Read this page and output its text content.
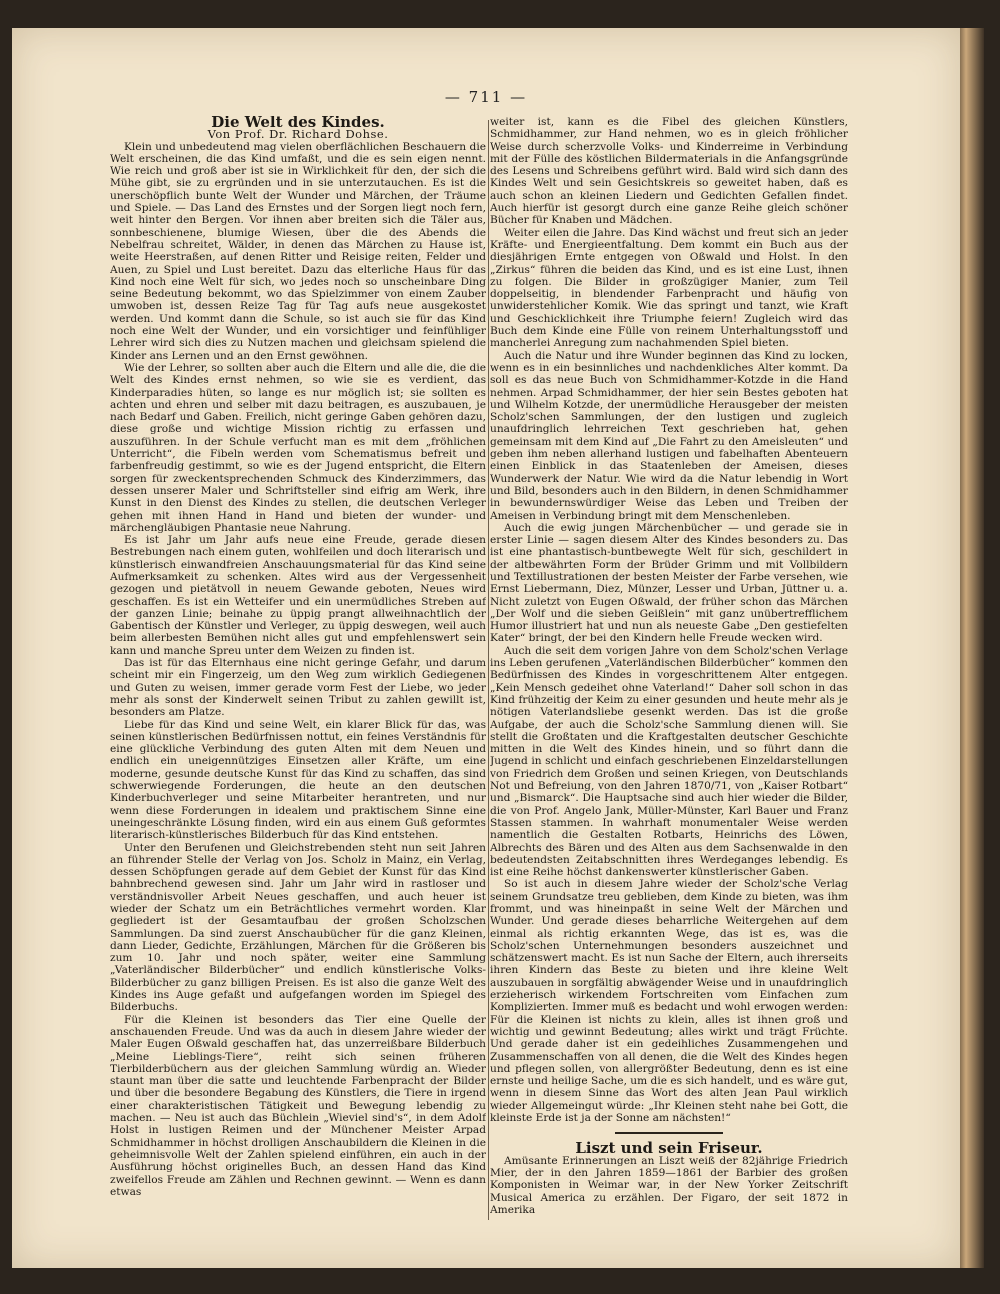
— 711 —

Die Welt des Kindes.

Von Prof. Dr. Richard Dohse.

Klein und unbedeutend mag vielen oberflächlichen Beschauern die Welt erscheinen, die das Kind umfaßt, und die es sein eigen nennt. Wie reich und groß aber ist sie in Wirklichkeit für den, der sich die Mühe gibt, sie zu ergründen und in sie unterzutauchen. Es ist die unerschöpflich bunte Welt der Wunder und Märchen, der Träume und Spiele. — Das Land des Ernstes und der Sorgen liegt noch fern, weit hinter den Bergen. Vor ihnen aber breiten sich die Täler aus, sonnbeschienene, blumige Wiesen, über die des Abends die Nebelfrau schreitet, Wälder, in denen das Märchen zu Hause ist, weite Heerstraßen, auf denen Ritter und Reisige reiten, Felder und Auen, zu Spiel und Lust bereitet. Dazu das elterliche Haus für das Kind noch eine Welt für sich, wo jedes noch so unscheinbare Ding seine Bedeutung bekommt, wo das Spielzimmer von einem Zauber umwoben ist, dessen Reize Tag für Tag aufs neue ausgekostet werden. Und kommt dann die Schule, so ist auch sie für das Kind noch eine Welt der Wunder, und ein vorsichtiger und feinfühliger Lehrer wird sich dies zu Nutzen machen und gleichsam spielend die Kinder ans Lernen und an den Ernst gewöhnen.

Wie der Lehrer, so sollten aber auch die Eltern und alle die, die die Welt des Kindes ernst nehmen, so wie sie es verdient, das Kinderparadies hüten, so lange es nur möglich ist; sie sollten es achten und ehren und selber mit dazu beitragen, es auszubauen, je nach Bedarf und Gaben. Freilich, nicht geringe Gaben gehören dazu, diese große und wichtige Mission richtig zu erfassen und auszuführen. In der Schule verfucht man es mit dem „fröhlichen Unterricht“, die Fibeln werden vom Schematismus befreit und farbenfreudig gestimmt, so wie es der Jugend entspricht, die Eltern sorgen für zweckentsprechenden Schmuck des Kinderzimmers, das dessen unserer Maler und Schriftsteller sind eifrig am Werk, ihre Kunst in den Dienst des Kindes zu stellen, die deutschen Verleger gehen mit ihnen Hand in Hand und bieten der wunder- und märchengläubigen Phantasie neue Nahrung.

Es ist Jahr um Jahr aufs neue eine Freude, gerade diesen Bestrebungen nach einem guten, wohlfeilen und doch literarisch und künstlerisch einwandfreien Anschauungsmaterial für das Kind seine Aufmerksamkeit zu schenken. Altes wird aus der Vergessenheit gezogen und pietätvoll in neuem Gewande geboten, Neues wird geschaffen. Es ist ein Wetteifer und ein unermüdliches Streben auf der ganzen Linie; beinahe zu üppig prangt allweihnachtlich der Gabentisch der Künstler und Verleger, zu üppig deswegen, weil auch beim allerbesten Bemühen nicht alles gut und empfehlenswert sein kann und manche Spreu unter dem Weizen zu finden ist.

Das ist für das Elternhaus eine nicht geringe Gefahr, und darum scheint mir ein Fingerzeig, um den Weg zum wirklich Gediegenen und Guten zu weisen, immer gerade vorm Fest der Liebe, wo jeder mehr als sonst der Kinderwelt seinen Tribut zu zahlen gewillt ist, besonders am Platze.

Liebe für das Kind und seine Welt, ein klarer Blick für das, was seinen künstlerischen Bedürfnissen nottut, ein feines Verständnis für eine glückliche Verbindung des guten Alten mit dem Neuen und endlich ein uneigennütziges Einsetzen aller Kräfte, um eine moderne, gesunde deutsche Kunst für das Kind zu schaffen, das sind schwerwiegende Forderungen, die heute an den deutschen Kinderbuchverleger und seine Mitarbeiter herantreten, und nur wenn diese Forderungen in idealem und praktischem Sinne eine uneingeschränkte Lösung finden, wird ein aus einem Guß geformtes literarisch-künstlerisches Bilderbuch für das Kind entstehen.

Unter den Berufenen und Gleichstrebenden steht nun seit Jahren an führender Stelle der Verlag von Jos. Scholz in Mainz, ein Verlag, dessen Schöpfungen gerade auf dem Gebiet der Kunst für das Kind bahnbrechend gewesen sind. Jahr um Jahr wird in rastloser und verständnisvoller Arbeit Neues geschaffen, und auch heuer ist wieder der Schatz um ein Beträchtliches vermehrt worden. Klar gegliedert ist der Gesamtaufbau der großen Scholzschen Sammlungen. Da sind zuerst Anschaubücher für die ganz Kleinen, dann Lieder, Gedichte, Erzählungen, Märchen für die Größeren bis zum 10. Jahr und noch später, weiter eine Sammlung „Vaterländischer Bilderbücher“ und endlich künstlerische Volks-Bilderbücher zu ganz billigen Preisen. Es ist also die ganze Welt des Kindes ins Auge gefaßt und aufgefangen worden im Spiegel des Bilderbuchs.

Für die Kleinen ist besonders das Tier eine Quelle der anschauenden Freude. Und was da auch in diesem Jahre wieder der Maler Eugen Oßwald geschaffen hat, das unzerreißbare Bilderbuch „Meine Lieblings-Tiere“, reiht sich seinen früheren Tierbilderbüchern aus der gleichen Sammlung würdig an. Wieder staunt man über die satte und leuchtende Farbenpracht der Bilder und über die besondere Begabung des Künstlers, die Tiere in irgend einer charakteristischen Tätigkeit und Bewegung lebendig zu machen. — Neu ist auch das Büchlein „Wieviel sind's“, in dem Adolf Holst in lustigen Reimen und der Münchener Meister Arpad Schmidhammer in höchst drolligen Anschaubildern die Kleinen in die geheimnisvolle Welt der Zahlen spielend einführen, ein auch in der Ausführung höchst originelles Buch, an dessen Hand das Kind zweifellos Freude am Zählen und Rechnen gewinnt. — Wenn es dann etwas

weiter ist, kann es die Fibel des gleichen Künstlers, Schmidhammer, zur Hand nehmen, wo es in gleich fröhlicher Weise durch scherzvolle Volks- und Kinderreime in Verbindung mit der Fülle des köstlichen Bildermaterials in die Anfangsgründe des Lesens und Schreibens geführt wird. Bald wird sich dann des Kindes Welt und sein Gesichtskreis so geweitet haben, daß es auch schon an kleinen Liedern und Gedichten Gefallen findet. Auch hierfür ist gesorgt durch eine ganze Reihe gleich schöner Bücher für Knaben und Mädchen.

Weiter eilen die Jahre. Das Kind wächst und freut sich an jeder Kräfte- und Energieentfaltung. Dem kommt ein Buch aus der diesjährigen Ernte entgegen von Oßwald und Holst. In den „Zirkus“ führen die beiden das Kind, und es ist eine Lust, ihnen zu folgen. Die Bilder in großzügiger Manier, zum Teil doppelseitig, in blendender Farbenpracht und häufig von unwiderstehlicher Komik. Wie das springt und tanzt, wie Kraft und Geschicklichkeit ihre Triumphe feiern! Zugleich wird das Buch dem Kinde eine Fülle von reinem Unterhaltungsstoff und mancherlei Anregung zum nachahmenden Spiel bieten.

Auch die Natur und ihre Wunder beginnen das Kind zu locken, wenn es in ein besinnliches und nachdenkliches Alter kommt. Da soll es das neue Buch von Schmidhammer-Kotzde in die Hand nehmen. Arpad Schmidhammer, der hier sein Bestes geboten hat und Wilhelm Kotzde, der unermüdliche Herausgeber der meisten Scholz'schen Sammlungen, der den lustigen und zugleich unaufdringlich lehrreichen Text geschrieben hat, gehen gemeinsam mit dem Kind auf „Die Fahrt zu den Ameisleuten“ und geben ihm neben allerhand lustigen und fabelhaften Abenteuern einen Einblick in das Staatenleben der Ameisen, dieses Wunderwerk der Natur. Wie wird da die Natur lebendig in Wort und Bild, besonders auch in den Bildern, in denen Schmidhammer in bewundernswürdiger Weise das Leben und Treiben der Ameisen in Verbindung bringt mit dem Menschenleben.

Auch die ewig jungen Märchenbücher — und gerade sie in erster Linie — sagen diesem Alter des Kindes besonders zu. Das ist eine phantastisch-buntbewegte Welt für sich, geschildert in der altbewährten Form der Brüder Grimm und mit Vollbildern und Textillustrationen der besten Meister der Farbe versehen, wie Ernst Liebermann, Diez, Münzer, Lesser und Urban, Jüttner u. a. Nicht zuletzt von Eugen Oßwald, der früher schon das Märchen „Der Wolf und die sieben Geißlein“ mit ganz unübertrefflichem Humor illustriert hat und nun als neueste Gabe „Den gestiefelten Kater“ bringt, der bei den Kindern helle Freude wecken wird.

Auch die seit dem vorigen Jahre von dem Scholz'schen Verlage ins Leben gerufenen „Vaterländischen Bilderbücher“ kommen den Bedürfnissen des Kindes in vorgeschrittenem Alter entgegen. „Kein Mensch gedeihet ohne Vaterland!“ Daher soll schon in das Kind frühzeitig der Keim zu einer gesunden und heute mehr als je nötigen Vaterlandsliebe gesenkt werden. Das ist die große Aufgabe, der auch die Scholz'sche Sammlung dienen will. Sie stellt die Großtaten und die Kraftgestalten deutscher Geschichte mitten in die Welt des Kindes hinein, und so führt dann die Jugend in schlicht und einfach geschriebenen Einzeldarstellungen von Friedrich dem Großen und seinen Kriegen, von Deutschlands Not und Befreiung, von den Jahren 1870/71, von „Kaiser Rotbart“ und „Bismarck“. Die Hauptsache sind auch hier wieder die Bilder, die von Prof. Angelo Jank, Müller-Münster, Karl Bauer und Franz Stassen stammen. In wahrhaft monumentaler Weise werden namentlich die Gestalten Rotbarts, Heinrichs des Löwen, Albrechts des Bären und des Alten aus dem Sachsenwalde in den bedeutendsten Zeitabschnitten ihres Werdeganges lebendig. Es ist eine Reihe höchst dankenswerter künstlerischer Gaben.

So ist auch in diesem Jahre wieder der Scholz'sche Verlag seinem Grundsatze treu geblieben, dem Kinde zu bieten, was ihm frommt, und was hineinpaßt in seine Welt der Märchen und Wunder. Und gerade dieses beharrliche Weitergehen auf dem einmal als richtig erkannten Wege, das ist es, was die Scholz'schen Unternehmungen besonders auszeichnet und schätzenswert macht. Es ist nun Sache der Eltern, auch ihrerseits ihren Kindern das Beste zu bieten und ihre kleine Welt auszubauen in sorgfältig abwägender Weise und in unaufdringlich erzieherisch wirkendem Fortschreiten vom Einfachen zum Komplizierten. Immer muß es bedacht und wohl erwogen werden: Für die Kleinen ist nichts zu klein, alles ist ihnen groß und wichtig und gewinnt Bedeutung; alles wirkt und trägt Früchte. Und gerade daher ist ein gedeihliches Zusammengehen und Zusammenschaffen von all denen, die die Welt des Kindes hegen und pflegen sollen, von allergrößter Bedeutung, denn es ist eine ernste und heilige Sache, um die es sich handelt, und es wäre gut, wenn in diesem Sinne das Wort des alten Jean Paul wirklich wieder Allgemeingut würde: „Ihr Kleinen steht nahe bei Gott, die kleinste Erde ist ja der Sonne am nächsten!“

Liszt und sein Friseur.

Amüsante Erinnerungen an Liszt weiß der 82jährige Friedrich Mier, der in den Jahren 1859—1861 der Barbier des großen Komponisten in Weimar war, in der New Yorker Zeitschrift Musical America zu erzählen. Der Figaro, der seit 1872 in Amerika
